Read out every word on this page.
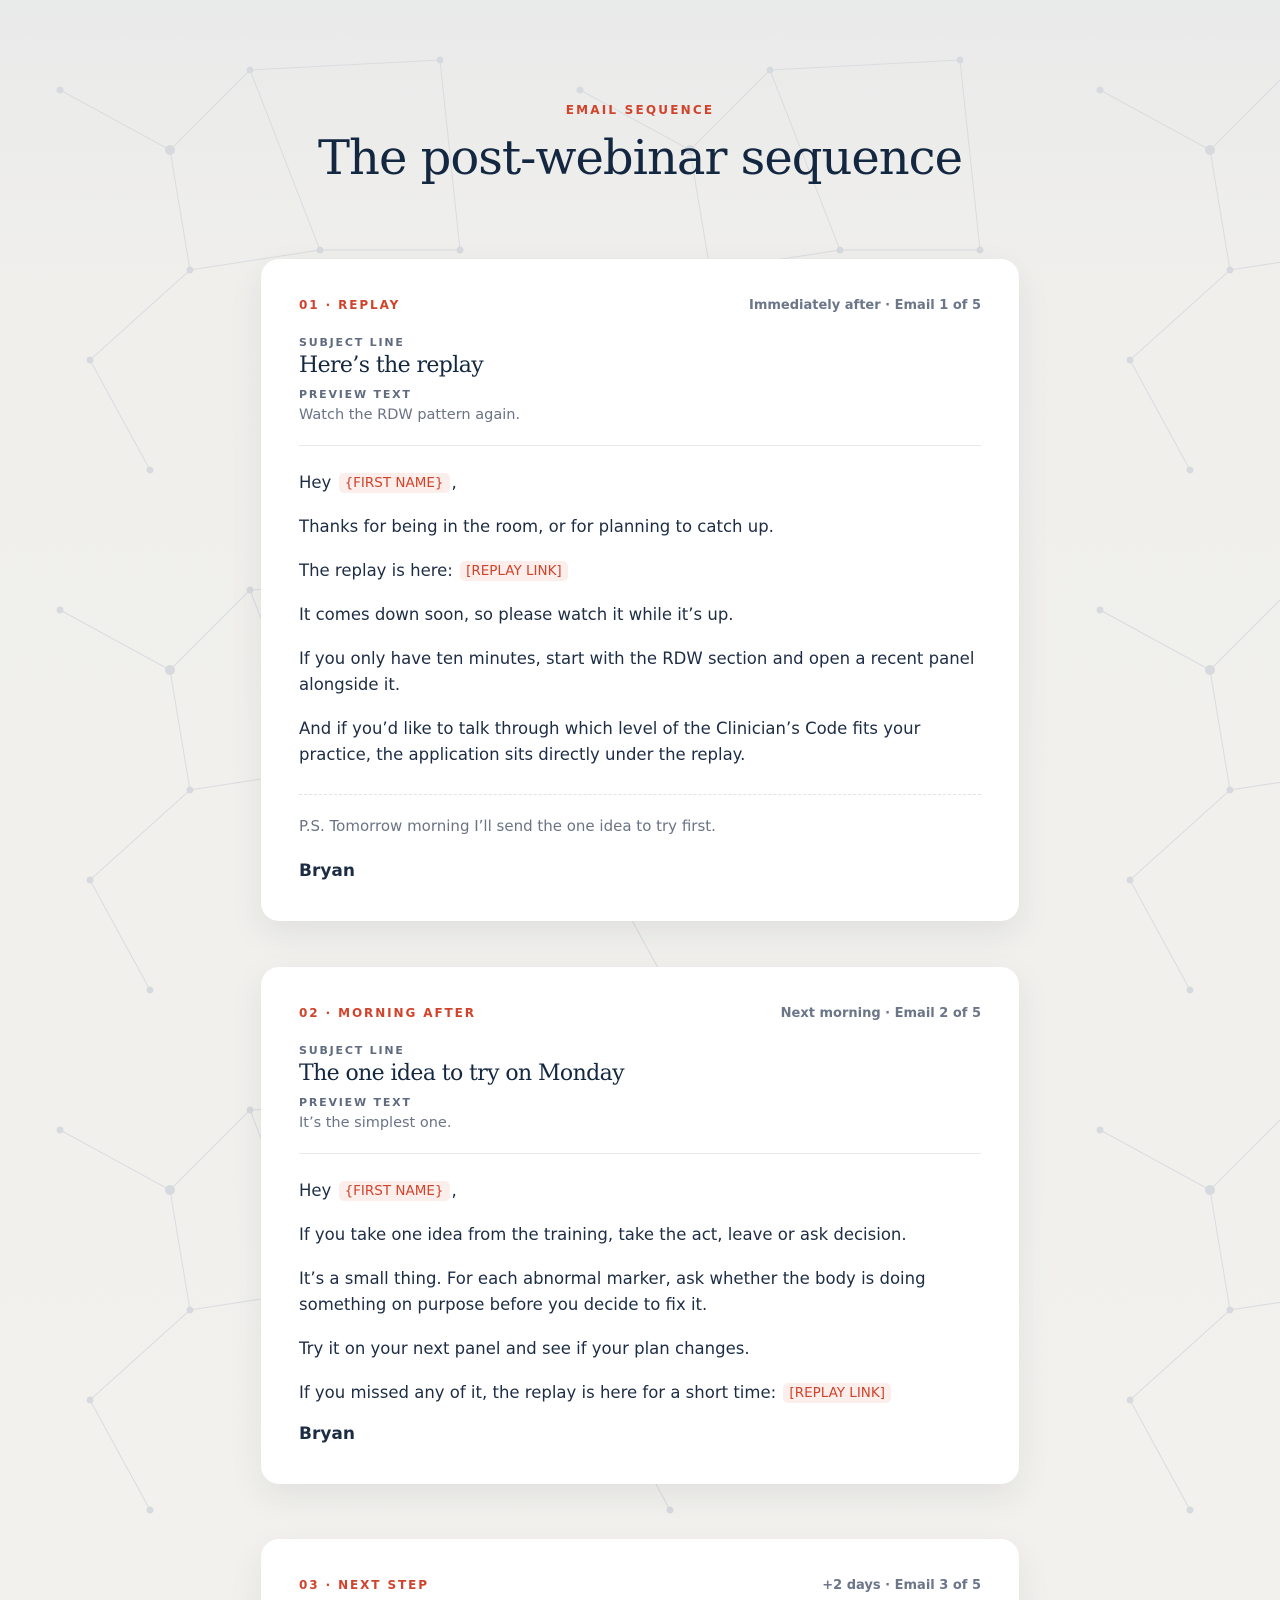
EMAIL SEQUENCE
The post-webinar sequence
01 · REPLAY	Immediately after · Email 1 of 5
SUBJECT LINE
Here’s the replay
PREVIEW TEXT
Watch the RDW pattern again.

Hey {FIRST NAME} ,

Thanks for being in the room, or for planning to catch up.

The replay is here: [REPLAY LINK]

It comes down soon, so please watch it while it’s up.

If you only have ten minutes, start with the RDW section and open a recent panel alongside it.

And if you’d like to talk through which level of the Clinician’s Code fits your practice, the application sits directly under the replay.

P.S. Tomorrow morning I’ll send the one idea to try first.

Bryan
02 · MORNING AFTER	Next morning · Email 2 of 5
SUBJECT LINE
The one idea to try on Monday
PREVIEW TEXT
It’s the simplest one.

Hey {FIRST NAME} ,

If you take one idea from the training, take the act, leave or ask decision.

It’s a small thing. For each abnormal marker, ask whether the body is doing something on purpose before you decide to fix it.

Try it on your next panel and see if your plan changes.

If you missed any of it, the replay is here for a short time: [REPLAY LINK]

Bryan
03 · NEXT STEP	+2 days · Email 3 of 5
